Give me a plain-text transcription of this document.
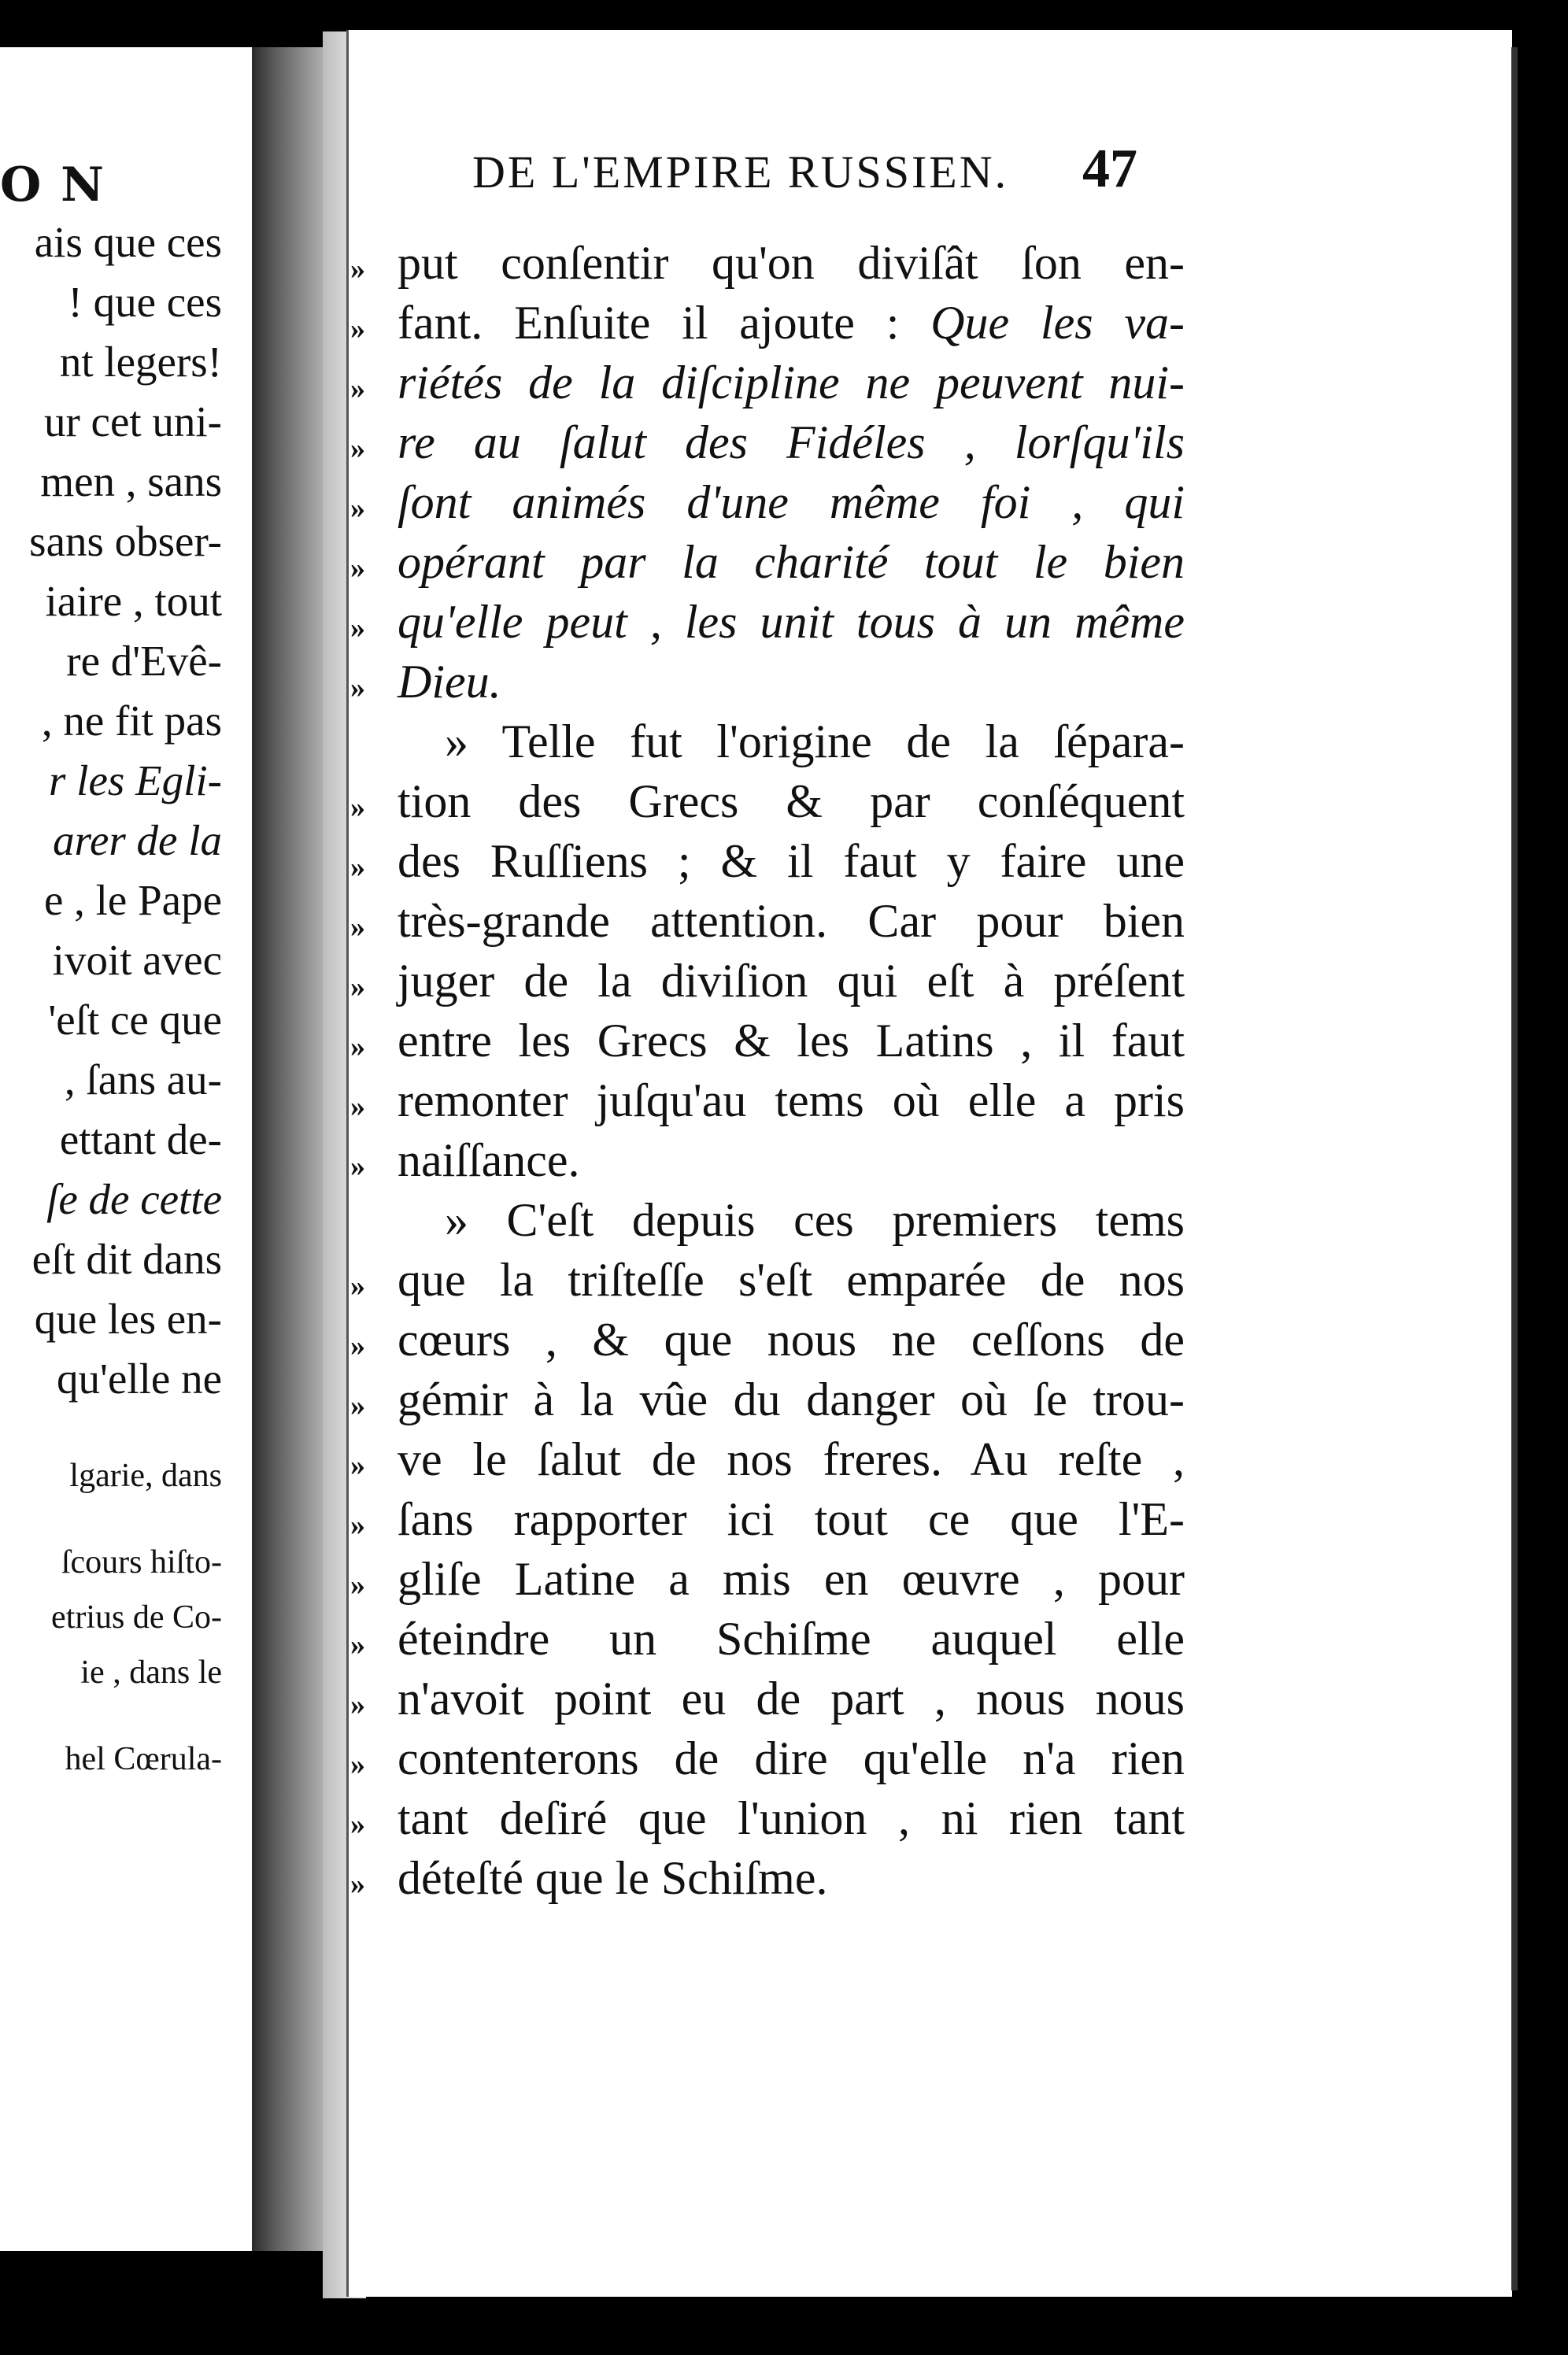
O N
ais que ces
! que ces
nt legers!
ur cet uni-
men , sans
sans obser-
iaire , tout
re d'Evê-
, ne fit pas
r les Egli-
arer de la
e , le Pape
ivoit avec
'eſt ce que
, ſans au-
ettant de-
ſe de cette
eſt dit dans
que les en-
qu'elle ne
lgarie, dans
ſcours hiſto-
etrius de Co-
ie , dans le
hel Cœrula-
DE L'EMPIRE RUSSIEN.	47
» put conſentir qu'on diviſât ſon en-
» fant. Enſuite il ajoute : Que les va-
» riétés de la diſcipline ne peuvent nui-
» re au ſalut des Fidéles , lorſqu'ils
» ſont animés d'une même foi , qui
» opérant par la charité tout le bien
» qu'elle peut , les unit tous à un même
» Dieu.
» Telle fut l'origine de la ſépara-
» tion des Grecs & par conſéquent
» des Ruſſiens ; & il faut y faire une
» très-grande attention. Car pour bien
» juger de la diviſion qui eſt à préſent
» entre les Grecs & les Latins , il faut
» remonter juſqu'au tems où elle a pris
» naiſſance.
» C'eſt depuis ces premiers tems
» que la triſteſſe s'eſt emparée de nos
» cœurs , & que nous ne ceſſons de
» gémir à la vûe du danger où ſe trou-
» ve le ſalut de nos freres. Au reſte ,
» ſans rapporter ici tout ce que l'E-
» gliſe Latine a mis en œuvre , pour
» éteindre un Schiſme auquel elle
» n'avoit point eu de part , nous nous
» contenterons de dire qu'elle n'a rien
» tant deſiré que l'union , ni rien tant
» déteſté que le Schiſme.
